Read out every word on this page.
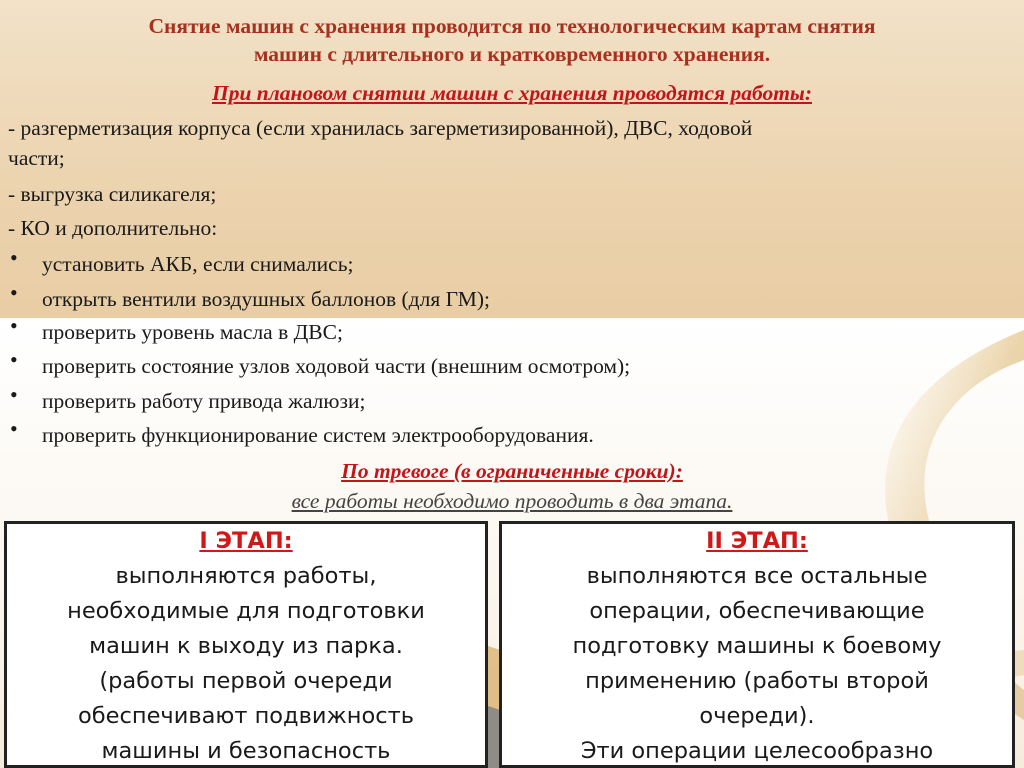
Снятие машин с хранения проводится по технологическим картам снятия
машин с длительного и кратковременного хранения.
При плановом снятии машин с хранения проводятся работы:
- разгерметизация корпуса (если хранилась загерметизированной), ДВС, ходовой
части;
- выгрузка силикагеля;
- КО и дополнительно:
• установить АКБ, если снимались;
• открыть вентили воздушных баллонов (для ГМ);
• проверить уровень масла в ДВС;
• проверить состояние узлов ходовой части (внешним осмотром);
• проверить работу привода жалюзи;
• проверить функционирование систем электрооборудования.
По тревоге (в ограниченные сроки):
все работы необходимо проводить в два этапа.
I ЭТАП:
выполняются работы,
необходимые для подготовки
машин к выходу из парка.
(работы первой очереди
обеспечивают подвижность
машины и безопасность
II ЭТАП:
выполняются все остальные
операции, обеспечивающие
подготовку машины к боевому
применению (работы второй
очереди).
Эти операции целесообразно
